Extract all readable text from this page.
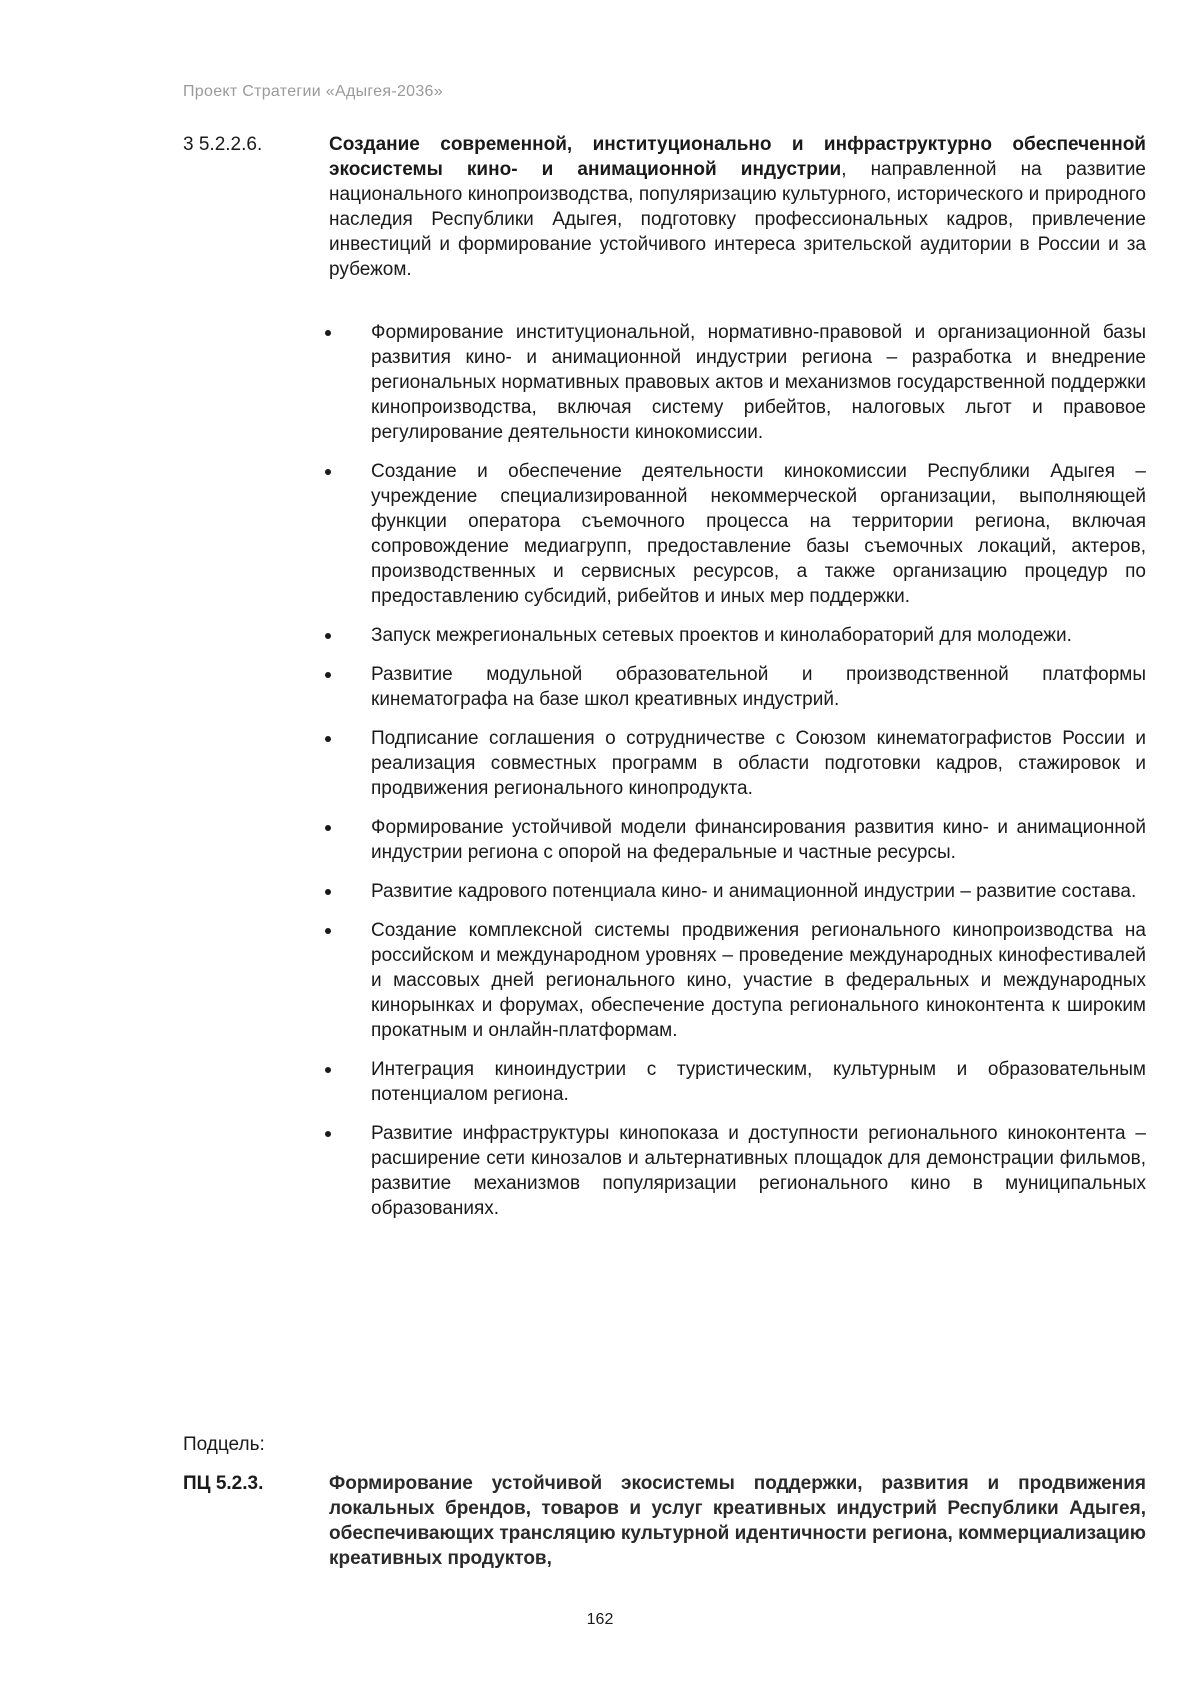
Проект Стратегии «Адыгея-2036»
3 5.2.2.6.	Создание современной, институционально и инфраструктурно обеспеченной экосистемы кино- и анимационной индустрии, направленной на развитие национального кинопроизводства, популяризацию культурного, исторического и природного наследия Республики Адыгея, подготовку профессиональных кадров, привлечение инвестиций и формирование устойчивого интереса зрительской аудитории в России и за рубежом.
Формирование институциональной, нормативно-правовой и организационной базы развития кино- и анимационной индустрии региона – разработка и внедрение региональных нормативных правовых актов и механизмов государственной поддержки кинопроизводства, включая систему рибейтов, налоговых льгот и правовое регулирование деятельности кинокомиссии.
Создание и обеспечение деятельности кинокомиссии Республики Адыгея – учреждение специализированной некоммерческой организации, выполняющей функции оператора съемочного процесса на территории региона, включая сопровождение медиагрупп, предоставление базы съемочных локаций, актеров, производственных и сервисных ресурсов, а также организацию процедур по предоставлению субсидий, рибейтов и иных мер поддержки.
Запуск межрегиональных сетевых проектов и кинолабораторий для молодежи.
Развитие модульной образовательной и производственной платформы кинематографа на базе школ креативных индустрий.
Подписание соглашения о сотрудничестве с Союзом кинематографистов России и реализация совместных программ в области подготовки кадров, стажировок и продвижения регионального кинопродукта.
Формирование устойчивой модели финансирования развития кино- и анимационной индустрии региона с опорой на федеральные и частные ресурсы.
Развитие кадрового потенциала кино- и анимационной индустрии – развитие состава.
Создание комплексной системы продвижения регионального кинопроизводства на российском и международном уровнях – проведение международных кинофестивалей и массовых дней регионального кино, участие в федеральных и международных кинорынках и форумах, обеспечение доступа регионального киноконтента к широким прокатным и онлайн-платформам.
Интеграция киноиндустрии с туристическим, культурным и образовательным потенциалом региона.
Развитие инфраструктуры кинопоказа и доступности регионального киноконтента – расширение сети кинозалов и альтернативных площадок для демонстрации фильмов, развитие механизмов популяризации регионального кино в муниципальных образованиях.
Подцель:
ПЦ 5.2.3.	Формирование устойчивой экосистемы поддержки, развития и продвижения локальных брендов, товаров и услуг креативных индустрий Республики Адыгея, обеспечивающих трансляцию культурной идентичности региона, коммерциализацию креативных продуктов,
162
